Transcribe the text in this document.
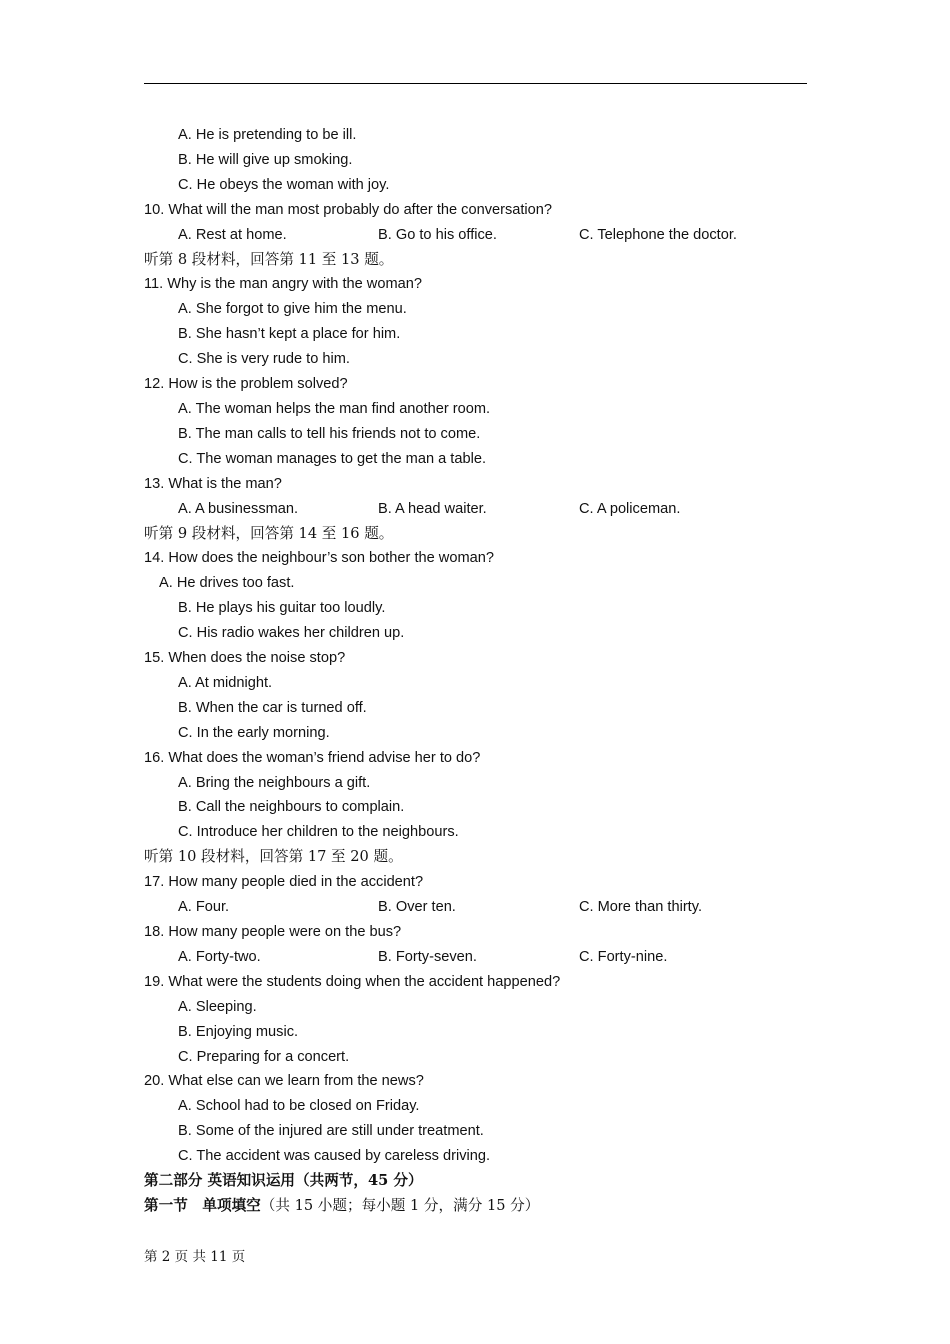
A. He is pretending to be ill.
B. He will give up smoking.
C. He obeys the woman with joy.
10. What will the man most probably do after the conversation?
A. Rest at home.	B. Go to his office.	C. Telephone the doctor.
听第 8 段材料，回答第 11 至 13 题。
11. Why is the man angry with the woman?
A. She forgot to give him the menu.
B. She hasn’t kept a place for him.
C. She is very rude to him.
12. How is the problem solved?
A. The woman helps the man find another room.
B. The man calls to tell his friends not to come.
C. The woman manages to get the man a table.
13. What is the man?
A. A businessman.	B. A head waiter.	C. A policeman.
听第 9 段材料，回答第 14 至 16 题。
14. How does the neighbour’s son bother the woman?
A. He drives too fast.
B. He plays his guitar too loudly.
C. His radio wakes her children up.
15. When does the noise stop?
A. At midnight.
B. When the car is turned off.
C. In the early morning.
16. What does the woman’s friend advise her to do?
A. Bring the neighbours a gift.
B. Call the neighbours to complain.
C. Introduce her children to the neighbours.
听第 10 段材料，回答第 17 至 20 题。
17. How many people died in the accident?
A. Four.	B. Over ten.	C. More than thirty.
18. How many people were on the bus?
A. Forty-two.	B. Forty-seven.	C. Forty-nine.
19. What were the students doing when the accident happened?
A. Sleeping.
B. Enjoying music.
C. Preparing for a concert.
20. What else can we learn from the news?
A. School had to be closed on Friday.
B. Some of the injured are still under treatment.
C. The accident was caused by careless driving.
第二部分 英语知识运用（共两节，45 分）
第一节　单项填空（共 15 小题；每小题 1 分，满分 15 分）
第 2 页 共 11 页
